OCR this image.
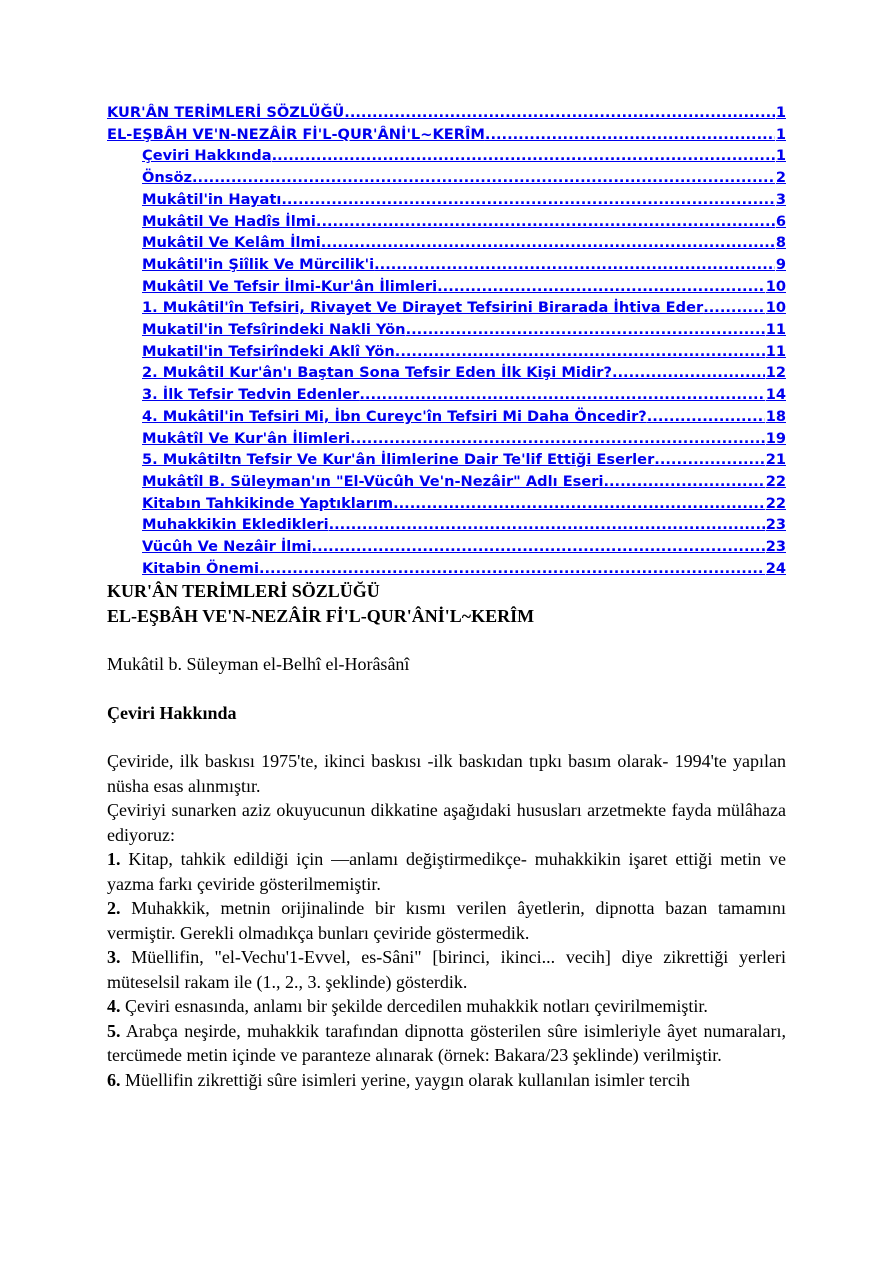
KUR'ÂN TERİMLERİ SÖZLÜĞÜ .....	1
EL-EŞBÂH VE'N-NEZÂİR Fİ'L-QUR'ÂNİ'L~KERÎM .....	1
Çeviri Hakkında .....	1
Önsöz .....	2
Mukâtil'in Hayatı .....	3
Mukâtil Ve Hadîs İlmi .....	6
Mukâtil Ve Kelâm İlmi .....	8
Mukâtil'in Şiîlik Ve Mürcilik'i .....	9
Mukâtil Ve Tefsir İlmi-Kur'ân İlimleri .....	10
1. Mukâtil'în Tefsiri, Rivayet Ve Dirayet Tefsirini Birarada İhtiva Eder .....	10
Mukatil'in Tefsîrindeki Nakli Yön .....	11
Mukatil'in Tefsirîndeki Aklî Yön .....	11
2. Mukâtil Kur'ân'ı Baştan Sona Tefsir Eden İlk Kişi Midir? .....	12
3. İlk Tefsir Tedvin Edenler .....	14
4. Mukâtil'in Tefsiri Mi, İbn Cureyc'în Tefsiri Mi Daha Öncedir? .....	18
Mukâtîl Ve Kur'ân İlimleri .....	19
5. Mukâtiltn Tefsir Ve Kur'ân İlimlerine Dair Te'lif Ettiği Eserler .....	21
Mukâtîl B. Süleyman'ın "El-Vücûh Ve'n-Nezâir" Adlı Eseri .....	22
Kitabın Tahkikinde Yaptıklarım .....	22
Muhakkikin Ekledikleri .....	23
Vücûh Ve Nezâir İlmi .....	23
Kitabin Önemi .....	24

KUR'ÂN TERİMLERİ SÖZLÜĞÜ

EL-EŞBÂH VE'N-NEZÂİR Fİ'L-QUR'ÂNİ'L~KERÎM

Mukâtil b. Süleyman el-Belhî el-Horâsânî

Çeviri Hakkında

Çeviride, ilk baskısı 1975'te, ikinci baskısı -ilk baskıdan tıpkı basım olarak- 1994'te yapılan nüsha esas alınmıştır.

Çeviriyi sunarken aziz okuyucunun dikkatine aşağıdaki hususları arzetmekte fayda mülâhaza ediyoruz:

1. Kitap, tahkik edildiği için —anlamı değiştirmedikçe- muhakkikin işaret ettiği metin ve yazma farkı çeviride gösterilmemiştir.

2. Muhakkik, metnin orijinalinde bir kısmı verilen âyetlerin, dipnotta bazan tamamını vermiştir. Gerekli olmadıkça bunları çeviride göstermedik.

3. Müellifin, "el-Vechu'1-Evvel, es-Sâni" [birinci, ikinci... vecih] diye zikrettiği yerleri müteselsil rakam ile (1., 2., 3. şeklinde) gösterdik.

4. Çeviri esnasında, anlamı bir şekilde dercedilen muhakkik notları çevirilmemiştir.

5. Arabça neşirde, muhakkik tarafından dipnotta gösterilen sûre isimleriyle âyet numaraları, tercümede metin içinde ve paranteze alınarak (örnek: Bakara/23 şeklinde) verilmiştir.

6. Müellifin zikrettiği sûre isimleri yerine, yaygın olarak kullanılan isimler tercih
